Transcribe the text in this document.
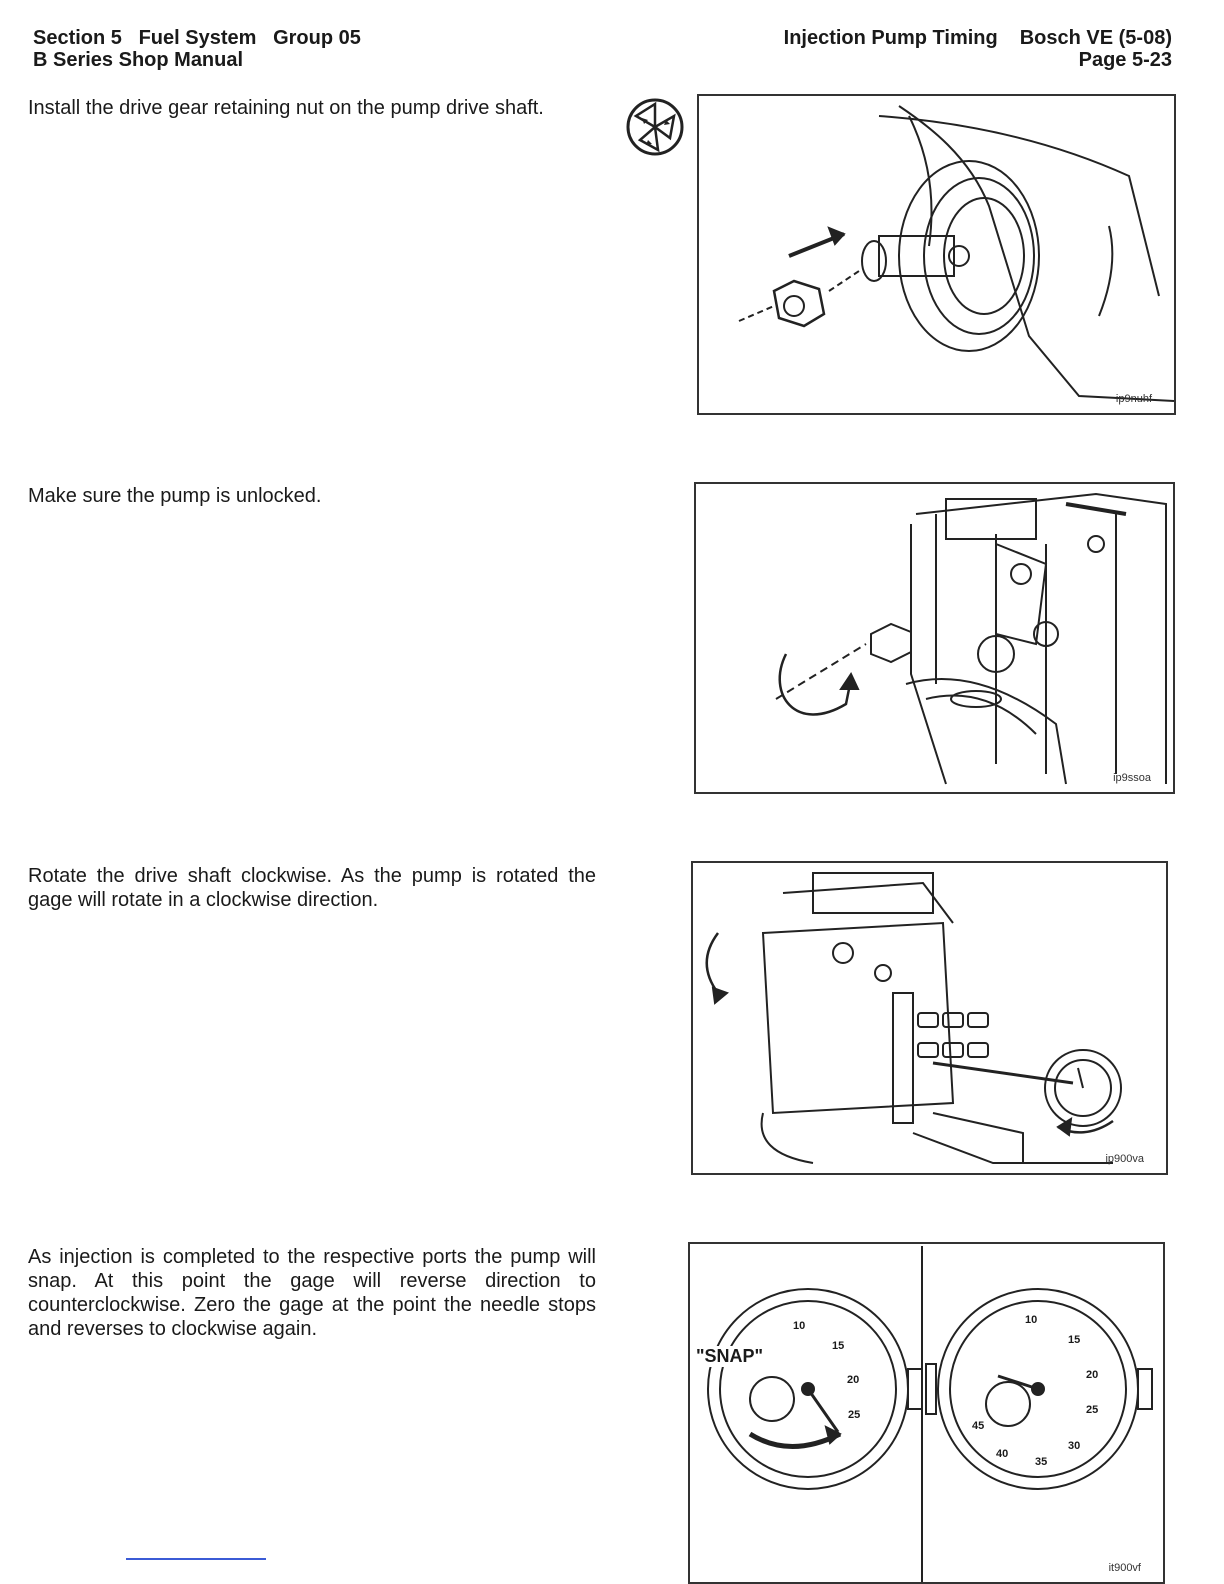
Section 5 Fuel System Group 05
B Series Shop Manual
Injection Pump Timing Bosch VE (5-08)
Page 5-23
Install the drive gear retaining nut on the pump drive shaft.
ip9nuhf
Make sure the pump is unlocked.
ip9ssoa
Rotate the drive shaft clockwise. As the pump is rotated the gage will rotate in a clockwise direction.
ip900va
As injection is completed to the respective ports the pump will snap. At this point the gage will reverse direction to counterclockwise. Zero the gage at the point the needle stops and reverses to clockwise again.
"SNAP"
10
15
20
25
10
15
20
25
30
35
40
45
it900vf
